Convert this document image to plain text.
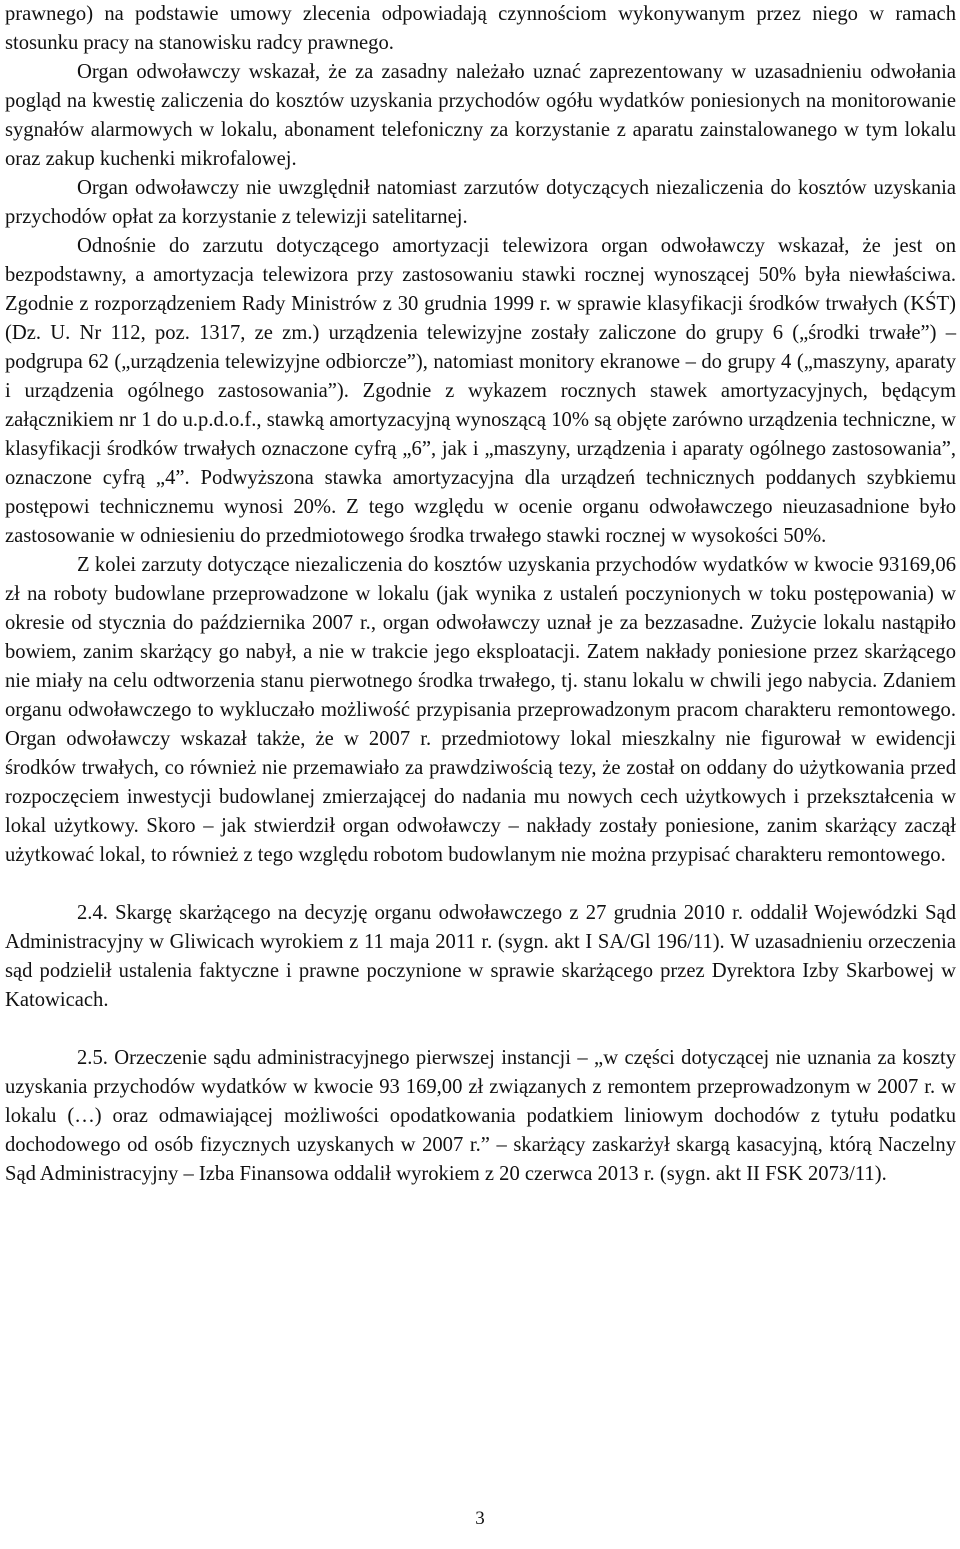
prawnego) na podstawie umowy zlecenia odpowiadają czynnościom wykonywanym przez niego w ramach stosunku pracy na stanowisku radcy prawnego.

Organ odwoławczy wskazał, że za zasadny należało uznać zaprezentowany w uzasadnieniu odwołania pogląd na kwestię zaliczenia do kosztów uzyskania przychodów ogółu wydatków poniesionych na monitorowanie sygnałów alarmowych w lokalu, abonament telefoniczny za korzystanie z aparatu zainstalowanego w tym lokalu oraz zakup kuchenki mikrofalowej.

Organ odwoławczy nie uwzględnił natomiast zarzutów dotyczących niezaliczenia do kosztów uzyskania przychodów opłat za korzystanie z telewizji satelitarnej.

Odnośnie do zarzutu dotyczącego amortyzacji telewizora organ odwoławczy wskazał, że jest on bezpodstawny, a amortyzacja telewizora przy zastosowaniu stawki rocznej wynoszącej 50% była niewłaściwa. Zgodnie z rozporządzeniem Rady Ministrów z 30 grudnia 1999 r. w sprawie klasyfikacji środków trwałych (KŚT) (Dz. U. Nr 112, poz. 1317, ze zm.) urządzenia telewizyjne zostały zaliczone do grupy 6 („środki trwałe”) – podgrupa 62 („urządzenia telewizyjne odbiorcze”), natomiast monitory ekranowe – do grupy 4 („maszyny, aparaty i urządzenia ogólnego zastosowania”). Zgodnie z wykazem rocznych stawek amortyzacyjnych, będącym załącznikiem nr 1 do u.p.d.o.f., stawką amortyzacyjną wynoszącą 10% są objęte zarówno urządzenia techniczne, w klasyfikacji środków trwałych oznaczone cyfrą „6”, jak i „maszyny, urządzenia i aparaty ogólnego zastosowania”, oznaczone cyfrą „4”. Podwyższona stawka amortyzacyjna dla urządzeń technicznych poddanych szybkiemu postępowi technicznemu wynosi 20%. Z tego względu w ocenie organu odwoławczego nieuzasadnione było zastosowanie w odniesieniu do przedmiotowego środka trwałego stawki rocznej w wysokości 50%.

Z kolei zarzuty dotyczące niezaliczenia do kosztów uzyskania przychodów wydatków w kwocie 93169,06 zł na roboty budowlane przeprowadzone w lokalu (jak wynika z ustaleń poczynionych w toku postępowania) w okresie od stycznia do października 2007 r., organ odwoławczy uznał je za bezzasadne. Zużycie lokalu nastąpiło bowiem, zanim skarżący go nabył, a nie w trakcie jego eksploatacji. Zatem nakłady poniesione przez skarżącego nie miały na celu odtworzenia stanu pierwotnego środka trwałego, tj. stanu lokalu w chwili jego nabycia. Zdaniem organu odwoławczego to wykluczało możliwość przypisania przeprowadzonym pracom charakteru remontowego. Organ odwoławczy wskazał także, że w 2007 r. przedmiotowy lokal mieszkalny nie figurował w ewidencji środków trwałych, co również nie przemawiało za prawdziwością tezy, że został on oddany do użytkowania przed rozpoczęciem inwestycji budowlanej zmierzającej do nadania mu nowych cech użytkowych i przekształcenia w lokal użytkowy. Skoro – jak stwierdził organ odwoławczy – nakłady zostały poniesione, zanim skarżący zaczął użytkować lokal, to również z tego względu robotom budowlanym nie można przypisać charakteru remontowego.

2.4. Skargę skarżącego na decyzję organu odwoławczego z 27 grudnia 2010 r. oddalił Wojewódzki Sąd Administracyjny w Gliwicach wyrokiem z 11 maja 2011 r. (sygn. akt I SA/Gl 196/11). W uzasadnieniu orzeczenia sąd podzielił ustalenia faktyczne i prawne poczynione w sprawie skarżącego przez Dyrektora Izby Skarbowej w Katowicach.

2.5. Orzeczenie sądu administracyjnego pierwszej instancji – „w części dotyczącej nie uznania za koszty uzyskania przychodów wydatków w kwocie 93 169,00 zł związanych z remontem przeprowadzonym w 2007 r. w lokalu (…) oraz odmawiającej możliwości opodatkowania podatkiem liniowym dochodów z tytułu podatku dochodowego od osób fizycznych uzyskanych w 2007 r.” – skarżący zaskarżył skargą kasacyjną, którą Naczelny Sąd Administracyjny – Izba Finansowa oddalił wyrokiem z 20 czerwca 2013 r. (sygn. akt II FSK 2073/11).

3
